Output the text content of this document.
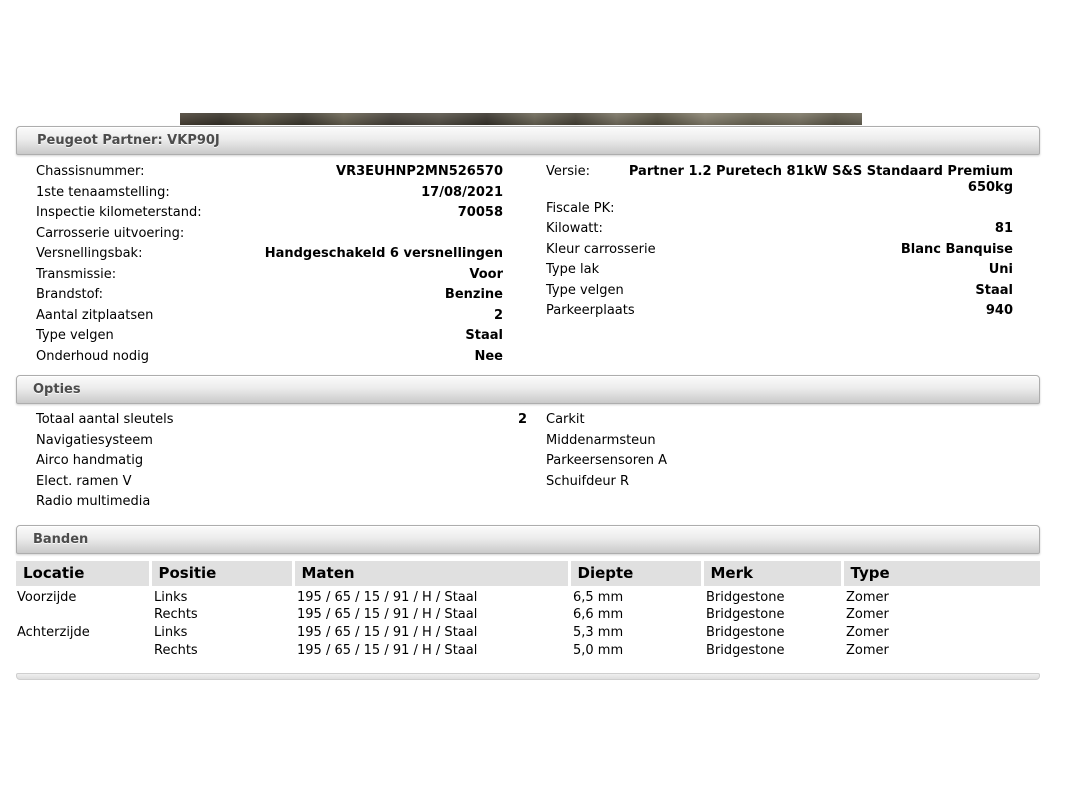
Peugeot Partner: VKP90J
Chassisnummer:	VR3EUHNP2MN526570
1ste tenaamstelling:	17/08/2021
Inspectie kilometerstand:	70058
Carrosserie uitvoering:
Versnellingsbak:	Handgeschakeld 6 versnellingen
Transmissie:	Voor
Brandstof:	Benzine
Aantal zitplaatsen	2
Type velgen	Staal
Onderhoud nodig	Nee
Versie:	Partner 1.2 Puretech 81kW S&S Standaard Premium 650kg
Fiscale PK:
Kilowatt:	81
Kleur carrosserie	Blanc Banquise
Type lak	Uni
Type velgen	Staal
Parkeerplaats	940
Opties
Totaal aantal sleutels	2
Navigatiesysteem
Airco handmatig
Elect. ramen V
Radio multimedia
Carkit
Middenarmsteun
Parkeersensoren A
Schuifdeur R
Banden
Locatie	Positie	Maten	Diepte	Merk	Type
Voorzijde	Links	195 / 65 / 15 / 91 / H / Staal	6,5 mm	Bridgestone	Zomer
	Rechts	195 / 65 / 15 / 91 / H / Staal	6,6 mm	Bridgestone	Zomer
Achterzijde	Links	195 / 65 / 15 / 91 / H / Staal	5,3 mm	Bridgestone	Zomer
	Rechts	195 / 65 / 15 / 91 / H / Staal	5,0 mm	Bridgestone	Zomer
